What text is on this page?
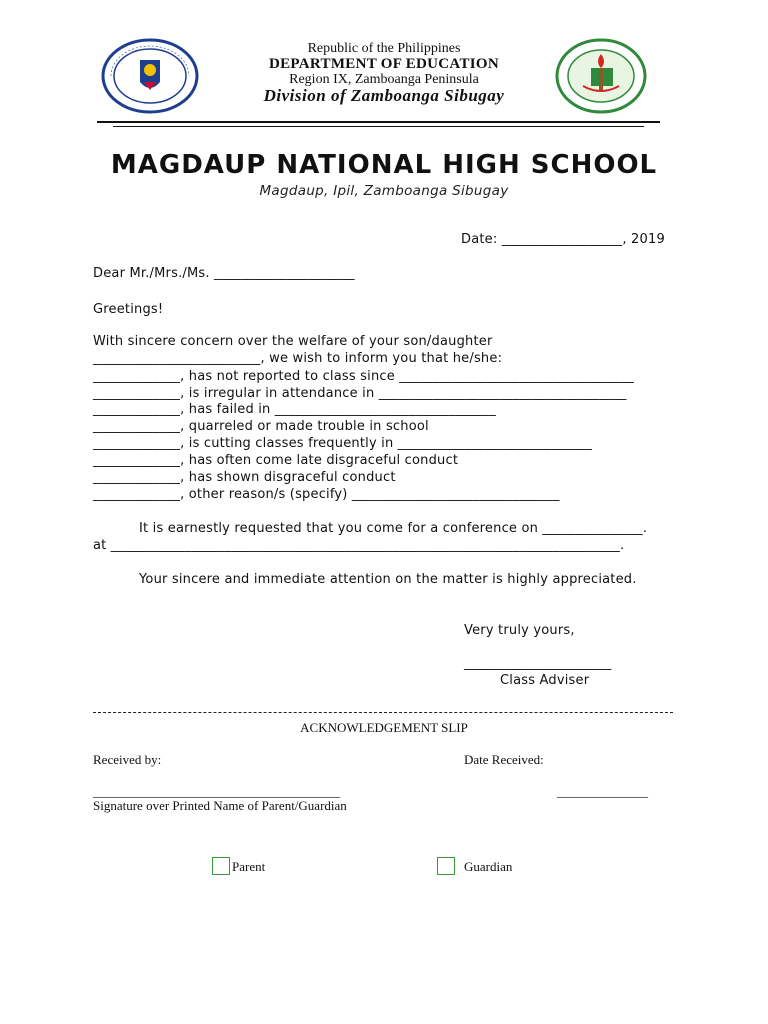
Republic of the Philippines
DEPARTMENT OF EDUCATION
Region IX, Zamboanga Peninsula
Division of Zamboanga Sibugay
MAGDAUP NATIONAL HIGH SCHOOL
Magdaup, Ipil, Zamboanga Sibugay
Date: __________________, 2019
Dear Mr./Mrs./Ms. _____________________
Greetings!
With sincere concern over the welfare of your son/daughter
_________________________, we wish to inform you that he/she:
_____________, has not reported to class since ___________________________________
_____________, is irregular in attendance in _____________________________________
_____________, has failed in _________________________________
_____________, quarreled or made trouble in school
_____________, is cutting classes frequently in _____________________________
_____________, has often come late disgraceful conduct
_____________, has shown disgraceful conduct
_____________, other reason/s (specify) _______________________________
It is earnestly requested that you come for a conference on _______________.
at ____________________________________________________________________________.
Your sincere and immediate attention on the matter is highly appreciated.
Very truly yours,
______________________
Class Adviser
ACKNOWLEDGEMENT SLIP
Received by:	Date Received:
______________________________________	______________
Signature over Printed Name of Parent/Guardian
Parent	Guardian
